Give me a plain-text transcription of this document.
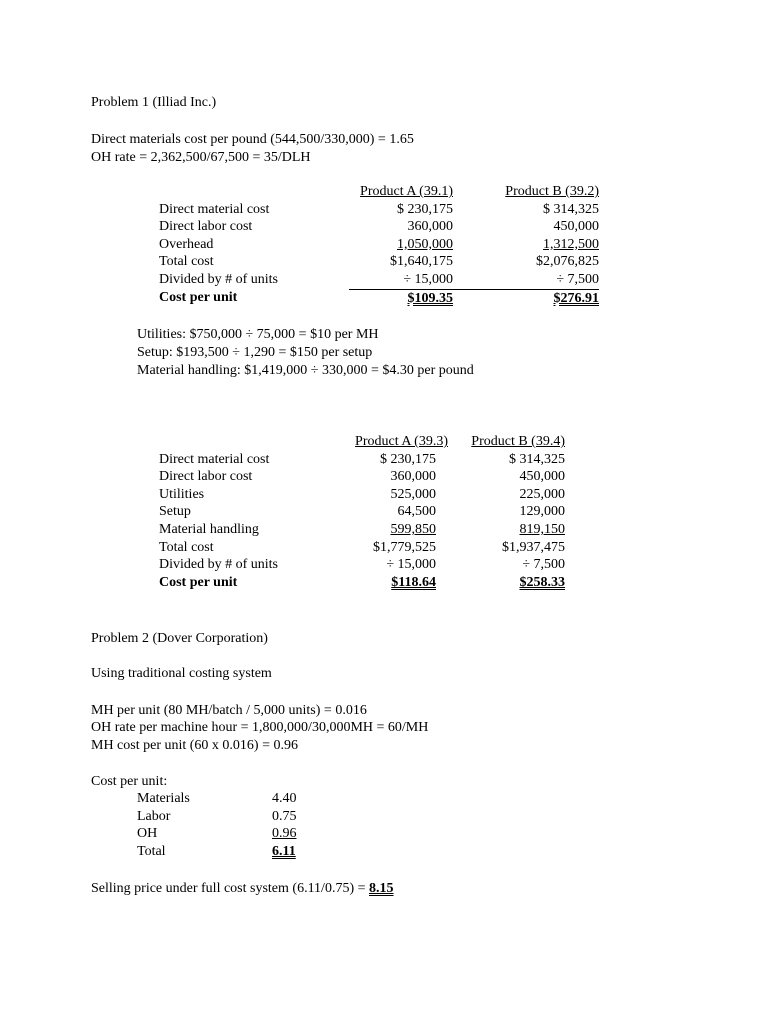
Problem 1 (Illiad Inc.)
Direct materials cost per pound (544,500/330,000) = 1.65
OH rate = 2,362,500/67,500 = 35/DLH
	Product A (39.1)	Product B (39.2)
Direct material cost	$ 230,175	$ 314,325
Direct labor cost	360,000	450,000
Overhead	1,050,000	1,312,500
Total cost	$1,640,175	$2,076,825
Divided by # of units	÷ 15,000	÷ 7,500
Cost per unit	$109.35	$276.91
Utilities: $750,000 ÷ 75,000 = $10 per MH
Setup: $193,500 ÷ 1,290 = $150 per setup
Material handling: $1,419,000 ÷ 330,000 = $4.30 per pound
	Product A (39.3)	Product B (39.4)
Direct material cost	$ 230,175	$ 314,325
Direct labor cost	360,000	450,000
Utilities	525,000	225,000
Setup	64,500	129,000
Material handling	599,850	819,150
Total cost	$1,779,525	$1,937,475
Divided by # of units	÷ 15,000	÷ 7,500
Cost per unit	$118.64	$258.33
Problem 2 (Dover Corporation)
Using traditional costing system
MH per unit (80 MH/batch / 5,000 units) = 0.016
OH rate per machine hour = 1,800,000/30,000MH = 60/MH
MH cost per unit (60 x 0.016) = 0.96
Cost per unit:
Materials	4.40
Labor	0.75
OH	0.96
Total	6.11
Selling price under full cost system (6.11/0.75) = 8.15
